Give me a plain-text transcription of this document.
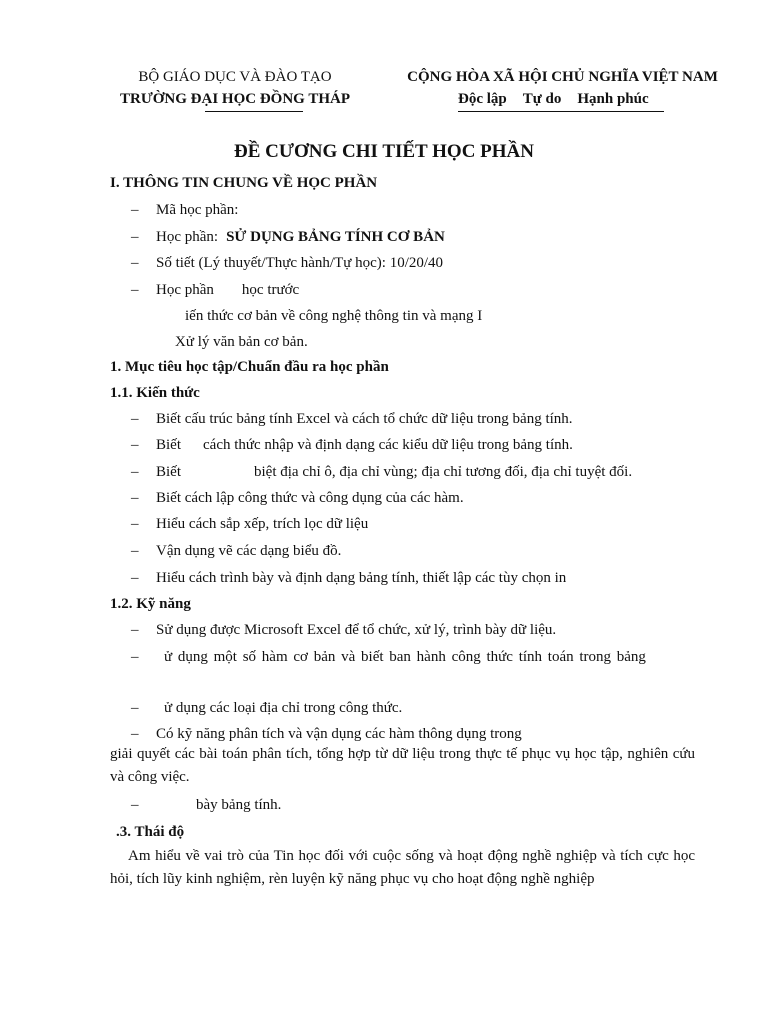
BỘ GIÁO DỤC VÀ ĐÀO TẠO
TRƯỜNG ĐẠI HỌC ĐỒNG THÁP
CỘNG HÒA XÃ HỘI CHỦ NGHĨA VIỆT NAM
Độc lập Tự do Hạnh phúc
ĐỀ CƯƠNG CHI TIẾT HỌC PHẦN
I. THÔNG TIN CHUNG VỀ HỌC PHẦN
– Mã học phần:
– Học phần: SỬ DỤNG BẢNG TÍNH CƠ BẢN
– Số tiết (Lý thuyết/Thực hành/Tự học): 10/20/40
– Học phần học trước
iến thức cơ bản về công nghệ thông tin và mạng I
Xử lý văn bản cơ bản.
1. Mục tiêu học tập/Chuẩn đầu ra học phần
1.1. Kiến thức
– Biết cấu trúc bảng tính Excel và cách tổ chức dữ liệu trong bảng tính.
– Biết cách thức nhập và định dạng các kiểu dữ liệu trong bảng tính.
– Biết	biệt địa chỉ ô, địa chỉ vùng; địa chỉ tương đối, địa chỉ tuyệt đối.
– Biết cách lập công thức và công dụng của các hàm.
– Hiểu cách sắp xếp, trích lọc dữ liệu
– Vận dụng vẽ các dạng biểu đồ.
– Hiểu cách trình bày và định dạng bảng tính, thiết lập các tùy chọn in
1.2. Kỹ năng
– Sử dụng được Microsoft Excel để tổ chức, xử lý, trình bày dữ liệu.
– ử dụng một số hàm cơ bản và biết ban hành công thức tính toán trong bảng
– ử dụng các loại địa chỉ trong công thức.
– Có kỹ năng phân tích và vận dụng các hàm thông dụng trong
giải quyết các bài toán phân tích, tổng hợp từ dữ liệu trong thực tế phục vụ học tập, nghiên cứu và công việc.
–	bày bảng tính.
.3. Thái độ
Am hiểu về vai trò của Tin học đối với cuộc sống và hoạt động nghề nghiệp và tích cực học hỏi, tích lũy kinh nghiệm, rèn luyện kỹ năng phục vụ cho hoạt động nghề nghiệp
